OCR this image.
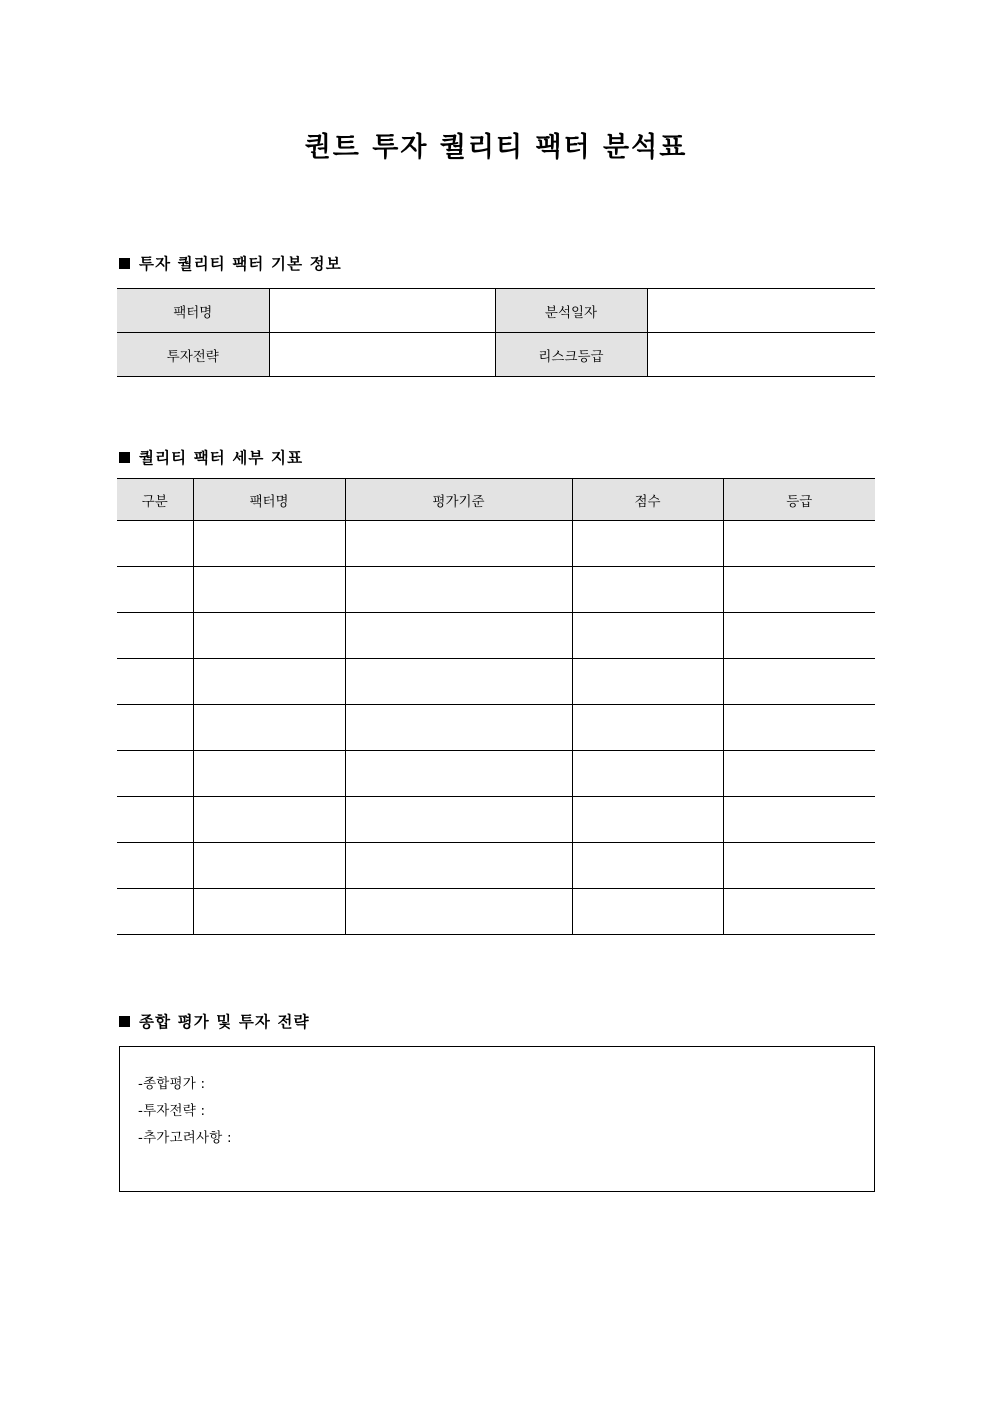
퀀트 투자 퀄리티 팩터 분석표
투자 퀄리티 팩터 기본 정보
팩터명		분석일자	
투자전략		리스크등급	
퀄리티 팩터 세부 지표
구분	팩터명	평가기준	점수	등급

종합 평가 및 투자 전략
-종합평가 :
-투자전략 :
-추가고려사항 :
